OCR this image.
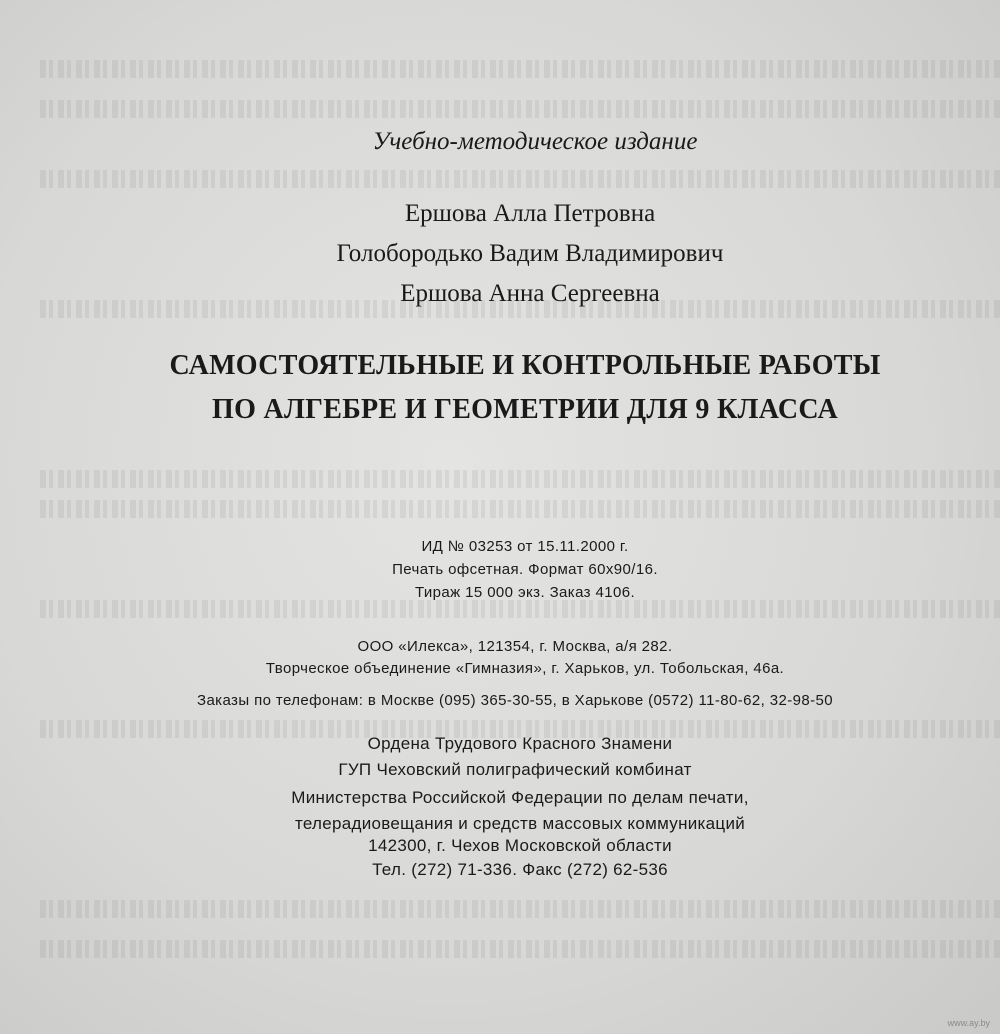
Учебно-методическое издание
Ершова Алла Петровна
Голобородько Вадим Владимирович
Ершова Анна Сергеевна
САМОСТОЯТЕЛЬНЫЕ И КОНТРОЛЬНЫЕ РАБОТЫ
ПО АЛГЕБРЕ И ГЕОМЕТРИИ ДЛЯ 9 КЛАССА
ИД № 03253 от 15.11.2000 г.
Печать офсетная. Формат 60х90/16.
Тираж 15 000 экз. Заказ 4106.
ООО «Илекса», 121354, г. Москва, а/я 282.
Творческое объединение «Гимназия», г. Харьков, ул. Тобольская, 46а.
Заказы по телефонам: в Москве (095) 365-30-55, в Харькове (0572) 11-80-62, 32-98-50
Ордена Трудового Красного Знамени
ГУП Чеховский полиграфический комбинат
Министерства Российской Федерации по делам печати,
телерадиовещания и средств массовых коммуникаций
142300, г. Чехов Московской области
Тел. (272) 71-336. Факс (272) 62-536
www.ay.by
